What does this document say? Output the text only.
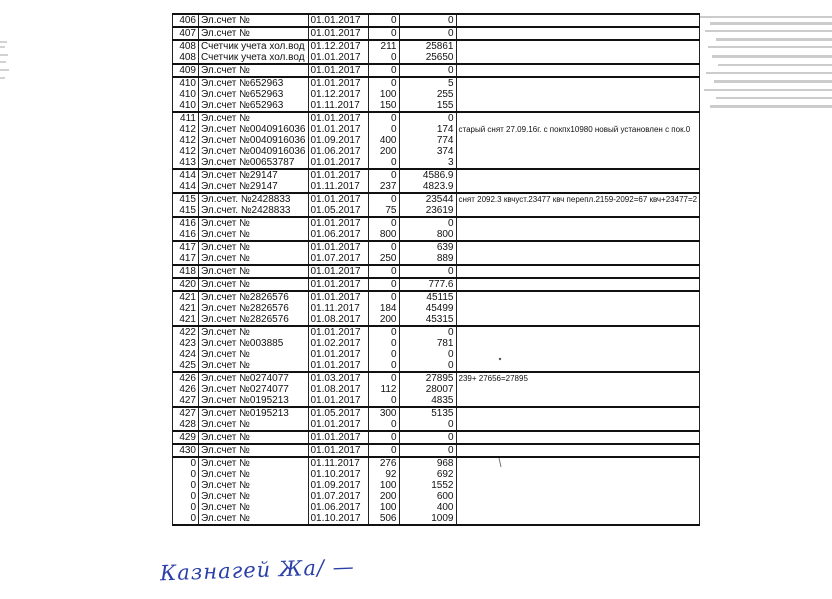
406	Эл.счет №	01.01.2017	0	0	
407	Эл.счет №	01.01.2017	0	0	
408	Счетчик учета хол.вод	01.12.2017	211	25861	
408	Счетчик учета хол.вод	01.01.2017	0	25650	
409	Эл.счет №	01.01.2017	0	0	
410	Эл.счет №652963	01.01.2017	0	5	
410	Эл.счет №652963	01.12.2017	100	255	
410	Эл.счет №652963	01.11.2017	150	155	
411	Эл.счет №	01.01.2017	0	0	
412	Эл.счет №0040916036	01.01.2017	0	174	старый снят 27.09.16г. с покпх10980 новый установлен с пок.0
412	Эл.счет №0040916036	01.09.2017	400	774	
412	Эл.счет №0040916036	01.06.2017	200	374	
413	Эл.счет №00653787	01.01.2017	0	3	
414	Эл.счет №29147	01.01.2017	0	4586.9	
414	Эл.счет №29147	01.11.2017	237	4823.9	
415	Эл.счет. №2428833	01.01.2017	0	23544	снят 2092.3 квчуст.23477 квч перепл.2159-2092=67 квч+23477=2
415	Эл.счет. №2428833	01.05.2017	75	23619	
416	Эл.счет №	01.01.2017	0	0	
416	Эл.счет №	01.06.2017	800	800	
417	Эл.счет №	01.01.2017	0	639	
417	Эл.счет №	01.07.2017	250	889	
418	Эл.счет №	01.01.2017	0	0	
420	Эл.счет №	01.01.2017	0	777.6	
421	Эл.счет №2826576	01.01.2017	0	45115	
421	Эл.счет №2826576	01.11.2017	184	45499	
421	Эл.счет №2826576	01.08.2017	200	45315	
422	Эл.счет №	01.01.2017	0	0	
423	Эл.счет №003885	01.02.2017	0	781	
424	Эл.счет №	01.01.2017	0	0	
425	Эл.счет №	01.01.2017	0	0	
426	Эл.счет №0274077	01.03.2017	0	27895	239+ 27656=27895
426	Эл.счет №0274077	01.08.2017	112	28007	
427	Эл.счет №0195213	01.01.2017	0	4835	
427	Эл.счет №0195213	01.05.2017	300	5135	
428	Эл.счет №	01.01.2017	0	0	
429	Эл.счет №	01.01.2017	0	0	
430	Эл.счет №	01.01.2017	0	0	
0	Эл.счет №	01.11.2017	276	968	
0	Эл.счет №	01.10.2017	92	692	
0	Эл.счет №	01.09.2017	100	1552	
0	Эл.счет №	01.07.2017	200	600	
0	Эл.счет №	01.06.2017	100	400	
0	Эл.счет №	01.10.2017	506	1009	
Казнагей Жа/ —
